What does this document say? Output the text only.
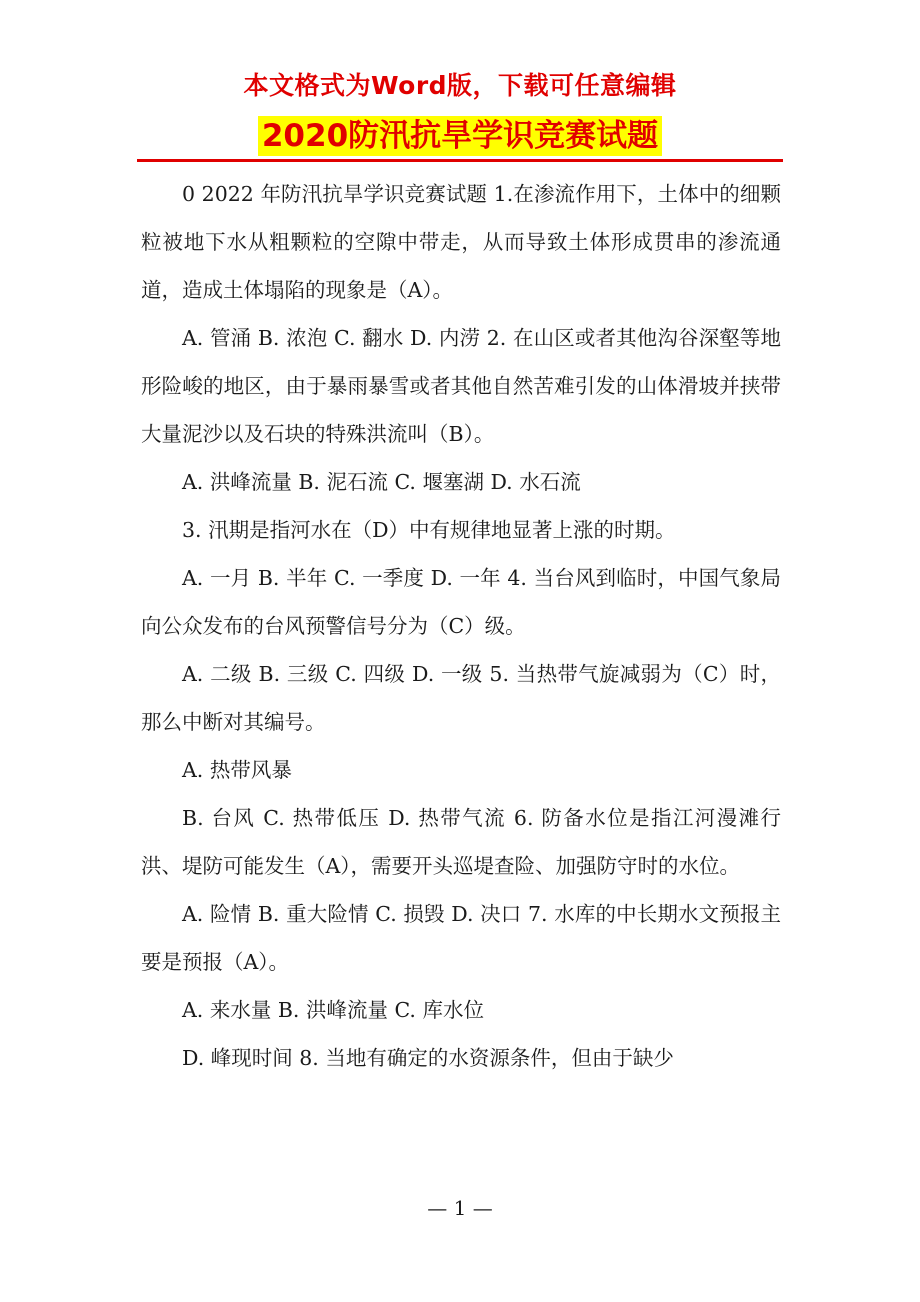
本文格式为Word版，下载可任意编辑
2020防汛抗旱学识竞赛试题

0 2022 年防汛抗旱学识竞赛试题 1.在渗流作用下，土体中的细颗粒被地下水从粗颗粒的空隙中带走，从而导致土体形成贯串的渗流通道，造成土体塌陷的现象是（A）。

A. 管涌 B. 浓泡 C. 翻水 D. 内涝 2. 在山区或者其他沟谷深壑等地形险峻的地区，由于暴雨暴雪或者其他自然苦难引发的山体滑坡并挟带大量泥沙以及石块的特殊洪流叫（B）。

A. 洪峰流量 B. 泥石流 C. 堰塞湖 D. 水石流

3. 汛期是指河水在（D）中有规律地显著上涨的时期。

A. 一月 B. 半年 C. 一季度 D. 一年 4. 当台风到临时，中国气象局向公众发布的台风预警信号分为（C）级。

A. 二级 B. 三级 C. 四级 D. 一级 5. 当热带气旋减弱为（C）时，那么中断对其编号。

A. 热带风暴

B. 台风 C. 热带低压 D. 热带气流 6. 防备水位是指江河漫滩行洪、堤防可能发生（A），需要开头巡堤查险、加强防守时的水位。

A. 险情 B. 重大险情 C. 损毁 D. 决口 7. 水库的中长期水文预报主要是预报（A）。

A. 来水量 B. 洪峰流量 C. 库水位

D. 峰现时间 8. 当地有确定的水资源条件，但由于缺少

— 1 —
